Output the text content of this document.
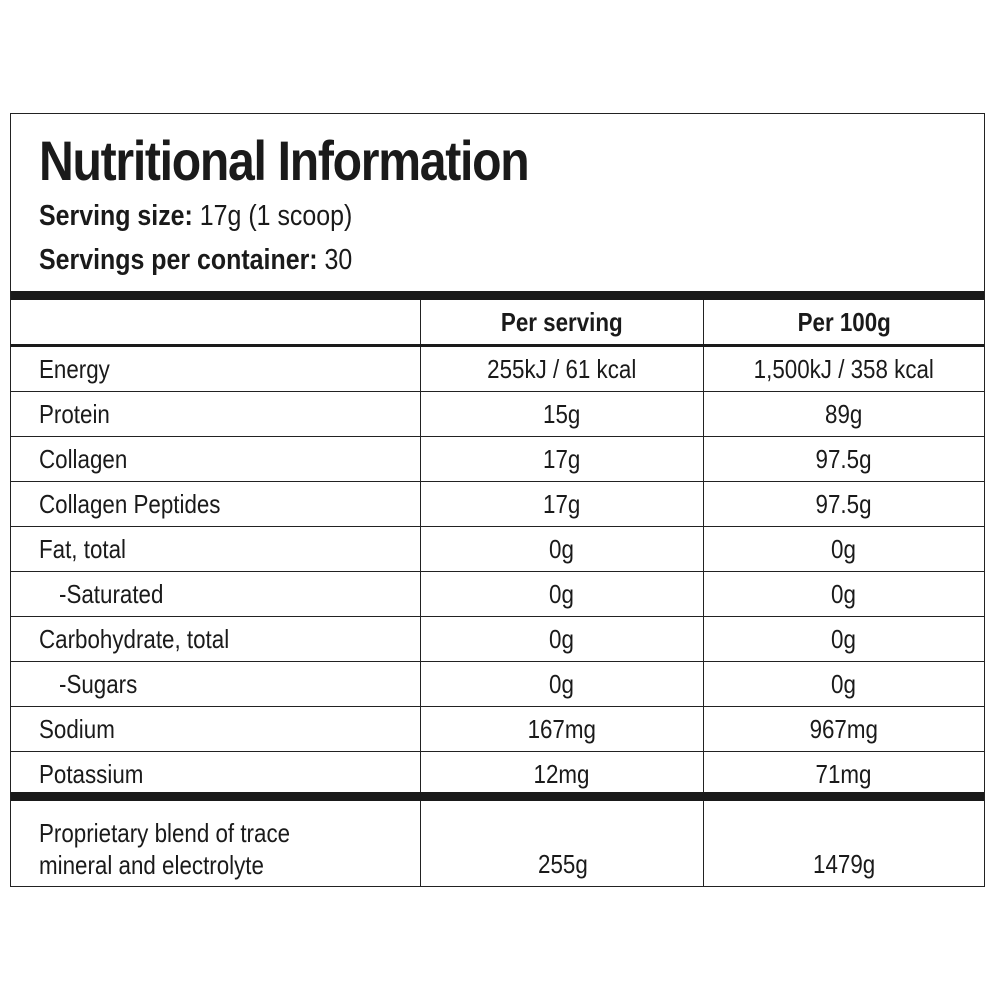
Nutritional Information
Serving size: 17g (1 scoop)
Servings per container: 30
	Per serving	Per 100g
Energy	255kJ / 61 kcal	1,500kJ / 358 kcal
Protein	15g	89g
Collagen	17g	97.5g
Collagen Peptides	17g	97.5g
Fat, total	0g	0g
-Saturated	0g	0g
Carbohydrate, total	0g	0g
-Sugars	0g	0g
Sodium	167mg	967mg
Potassium	12mg	71mg
Proprietary blend of trace
mineral and electrolyte	255g	1479g
